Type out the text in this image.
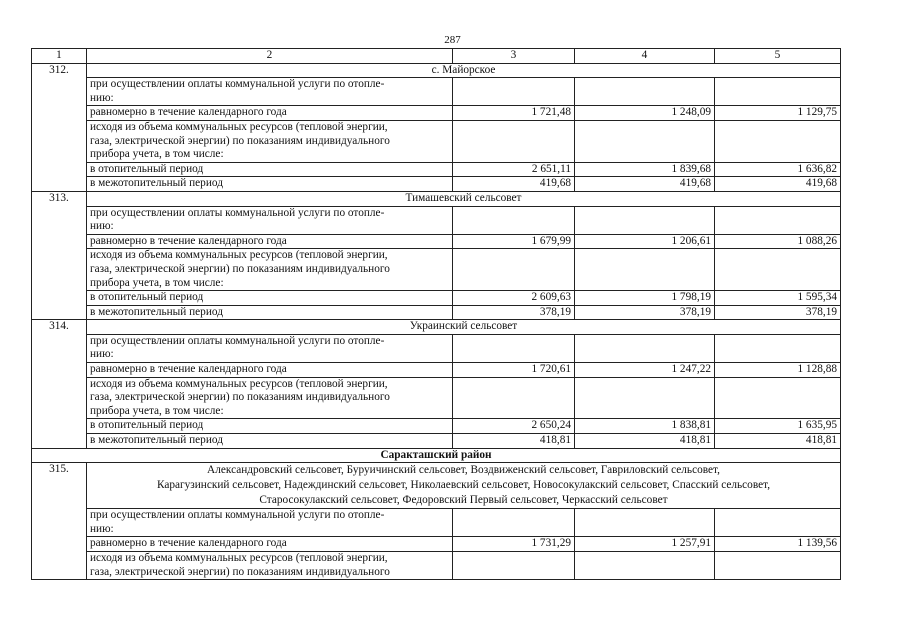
287
1	2	3	4	5
312.	с. Майорское			
	при осуществлении оплаты коммунальной услуги по отопле-
нию:			
	равномерно в течение календарного года	1 721,48	1 248,09	1 129,75
	исходя из объема коммунальных ресурсов (тепловой энергии,
газа, электрической энергии) по показаниям индивидуального
прибора учета, в том числе:			
	в отопительный период	2 651,11	1 839,68	1 636,82
	в межотопительный период	419,68	419,68	419,68
313.	Тимашевский сельсовет			
	при осуществлении оплаты коммунальной услуги по отопле-
нию:			
	равномерно в течение календарного года	1 679,99	1 206,61	1 088,26
	исходя из объема коммунальных ресурсов (тепловой энергии,
газа, электрической энергии) по показаниям индивидуального
прибора учета, в том числе:			
	в отопительный период	2 609,63	1 798,19	1 595,34
	в межотопительный период	378,19	378,19	378,19
314.	Украинский сельсовет			
	при осуществлении оплаты коммунальной услуги по отопле-
нию:			
	равномерно в течение календарного года	1 720,61	1 247,22	1 128,88
	исходя из объема коммунальных ресурсов (тепловой энергии,
газа, электрической энергии) по показаниям индивидуального
прибора учета, в том числе:			
	в отопительный период	2 650,24	1 838,81	1 635,95
	в межотопительный период	418,81	418,81	418,81
Саракташский район				
315.	Александровский сельсовет, Буруичинский сельсовет, Воздвиженский сельсовет, Гавриловский сельсовет,
Карагузинский сельсовет, Надеждинский сельсовет, Николаевский сельсовет, Новосокулакский сельсовет, Спасский сельсовет,
Старосокулакский сельсовет, Федоровский Первый сельсовет, Черкасский сельсовет			
	при осуществлении оплаты коммунальной услуги по отопле-
нию:			
	равномерно в течение календарного года	1 731,29	1 257,91	1 139,56
	исходя из объема коммунальных ресурсов (тепловой энергии,
газа, электрической энергии) по показаниям индивидуального			
